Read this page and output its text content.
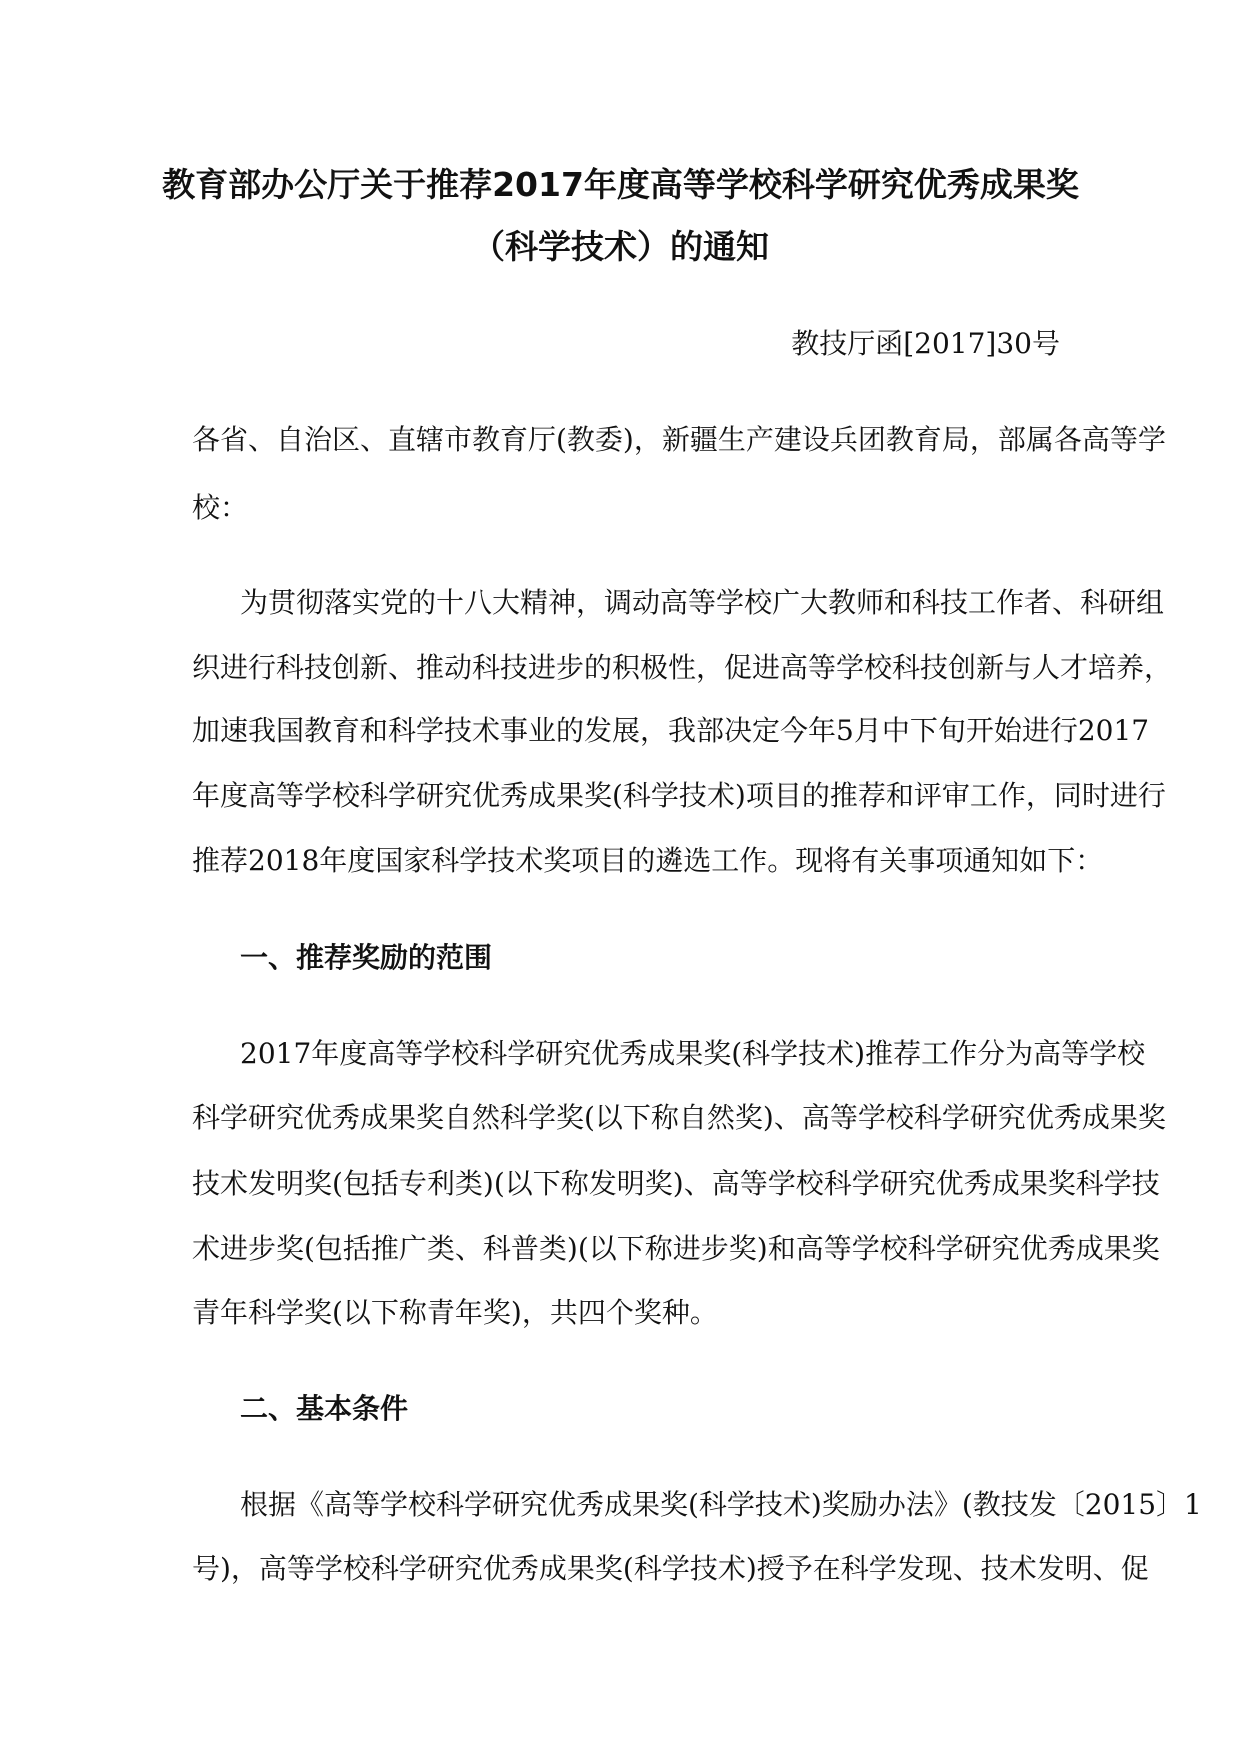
教育部办公厅关于推荐2017年度高等学校科学研究优秀成果奖
（科学技术）的通知
教技厅函[2017]30号
各省、自治区、直辖市教育厅(教委)，新疆生产建设兵团教育局，部属各高等学
校：
为贯彻落实党的十八大精神，调动高等学校广大教师和科技工作者、科研组
织进行科技创新、推动科技进步的积极性，促进高等学校科技创新与人才培养，
加速我国教育和科学技术事业的发展，我部决定今年5月中下旬开始进行2017
年度高等学校科学研究优秀成果奖(科学技术)项目的推荐和评审工作，同时进行
推荐2018年度国家科学技术奖项目的遴选工作。现将有关事项通知如下：
一、推荐奖励的范围
2017年度高等学校科学研究优秀成果奖(科学技术)推荐工作分为高等学校
科学研究优秀成果奖自然科学奖(以下称自然奖)、高等学校科学研究优秀成果奖
技术发明奖(包括专利类)(以下称发明奖)、高等学校科学研究优秀成果奖科学技
术进步奖(包括推广类、科普类)(以下称进步奖)和高等学校科学研究优秀成果奖
青年科学奖(以下称青年奖)，共四个奖种。
二、基本条件
根据《高等学校科学研究优秀成果奖(科学技术)奖励办法》(教技发〔2015〕1
号)，高等学校科学研究优秀成果奖(科学技术)授予在科学发现、技术发明、促
